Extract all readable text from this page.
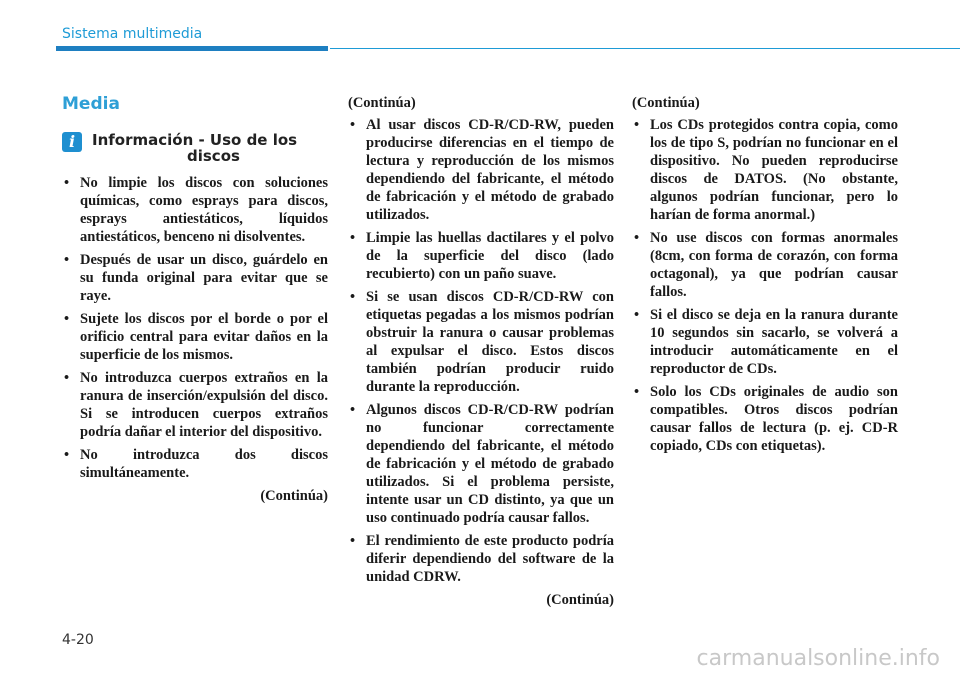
Sistema multimedia
Media
i	Información - Uso de los
discos
• No limpie los discos con soluciones químicas, como esprays para discos, esprays antiestáticos, líquidos antiestáticos, benceno ni disolventes.
• Después de usar un disco, guárdelo en su funda original para evitar que se raye.
• Sujete los discos por el borde o por el orificio central para evitar daños en la superficie de los mismos.
• No introduzca cuerpos extraños en la ranura de inserción/expulsión del disco. Si se introducen cuerpos extraños podría dañar el interior del dispositivo.
• No introduzca dos discos simultáneamente.
(Continúa)
(Continúa)
• Al usar discos CD-R/CD-RW, pueden producirse diferencias en el tiempo de lectura y reproducción de los mismos dependiendo del fabricante, el método de fabricación y el método de grabado utilizados.
• Limpie las huellas dactilares y el polvo de la superficie del disco (lado recubierto) con un paño suave.
• Si se usan discos CD-R/CD-RW con etiquetas pegadas a los mismos podrían obstruir la ranura o causar problemas al expulsar el disco. Estos discos también podrían producir ruido durante la reproducción.
• Algunos discos CD-R/CD-RW podrían no funcionar correctamente dependiendo del fabricante, el método de fabricación y el método de grabado utilizados. Si el problema persiste, intente usar un CD distinto, ya que un uso continuado podría causar fallos.
• El rendimiento de este producto podría diferir dependiendo del software de la unidad CDRW.
(Continúa)
(Continúa)
• Los CDs protegidos contra copia, como los de tipo S, podrían no funcionar en el dispositivo. No pueden reproducirse discos de DATOS. (No obstante, algunos podrían funcionar, pero lo harían de forma anormal.)
• No use discos con formas anormales (8cm, con forma de corazón, con forma octagonal), ya que podrían causar fallos.
• Si el disco se deja en la ranura durante 10 segundos sin sacarlo, se volverá a introducir automáticamente en el reproductor de CDs.
• Solo los CDs originales de audio son compatibles. Otros discos podrían causar fallos de lectura (p. ej. CD-R copiado, CDs con etiquetas).
4-20
carmanualsonline.info
